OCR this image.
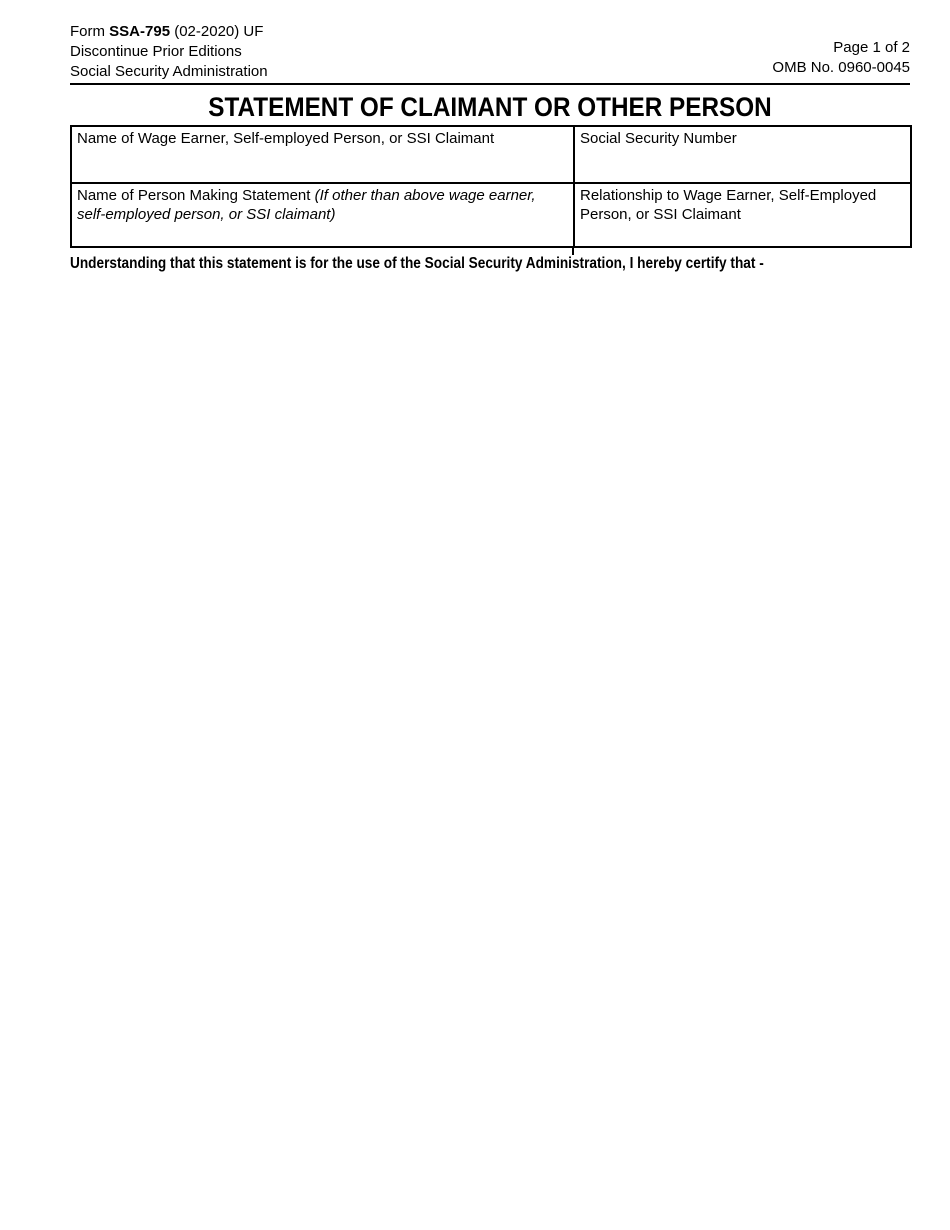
Form SSA-795 (02-2020) UF
Discontinue Prior Editions
Social Security Administration
Page 1 of 2
OMB No. 0960-0045
STATEMENT OF CLAIMANT OR OTHER PERSON
Name of Wage Earner, Self-employed Person, or SSI Claimant	Social Security Number

Name of Person Making Statement (If other than above wage earner, self-employed person, or SSI claimant)	Relationship to Wage Earner, Self-Employed Person, or SSI Claimant
Understanding that this statement is for the use of the Social Security Administration, I hereby certify that -
